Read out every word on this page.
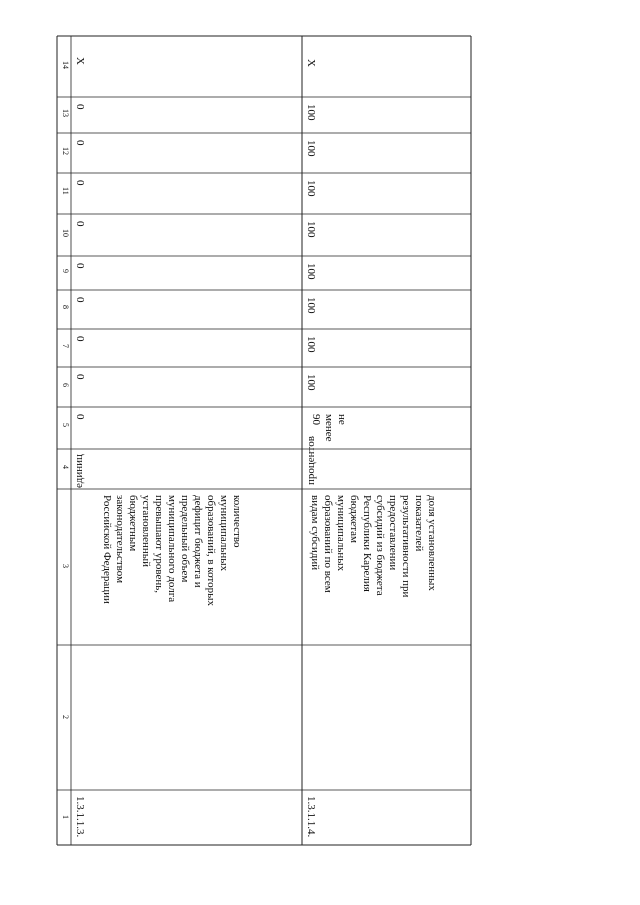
14
13
12
11
10
9
8
7
6
5
4
3
2
1 1.3.1.1.3.
количество
муниципальных
образований, в которых
дефицит бюджета и
предельный объем
муниципального долга
превышают уровень,
установленный
бюджетным
законодательством
Российской Федерации
единиц
0
0
0
0
0
0
0
0
0
X
1.3.1.1.4.
доля установленных
показателей
результативности при
предоставлении
субсидий из бюджета
Республики Карелия
бюджетам
муниципальных
образований по всем
видам субсидий
процентов
не
менее
90
100
100
100
100
100
100
100
100
X
